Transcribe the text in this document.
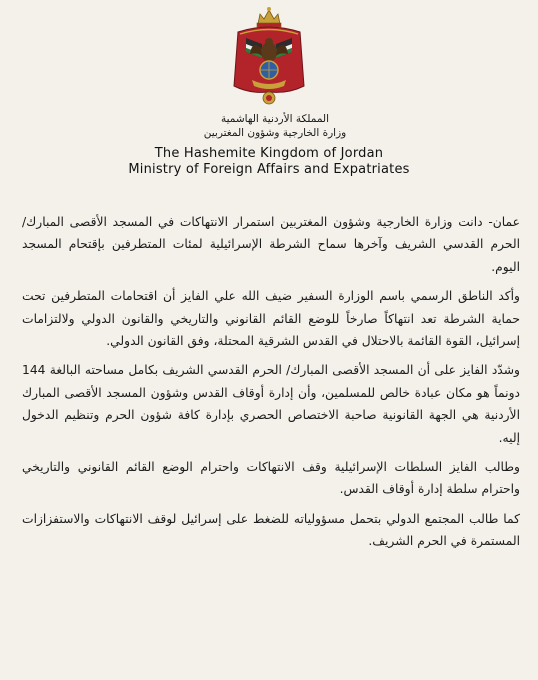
المملكة الأردنية الهاشمية
وزارة الخارجية وشؤون المغتربين
The Hashemite Kingdom of Jordan
Ministry of Foreign Affairs and Expatriates

عمان- دانت وزارة الخارجية وشؤون المغتربين استمرار الانتهاكات في المسجد الأقصى المبارك/ الحرم القدسي الشريف وآخرها سماح الشرطة الإسرائيلية لمئات المتطرفين بإقتحام المسجد اليوم.

وأكد الناطق الرسمي باسم الوزارة السفير ضيف الله علي الفايز أن اقتحامات المتطرفين تحت حماية الشرطة تعد انتهاكاً صارخاً للوضع القائم القانوني والتاريخي والقانون الدولي ولالتزامات إسرائيل، القوة القائمة بالاحتلال في القدس الشرقية المحتلة، وفق القانون الدولي.

وشدّد الفايز على أن المسجد الأقصى المبارك/ الحرم القدسي الشريف بكامل مساحته البالغة 144 دونماً هو مكان عبادة خالص للمسلمين، وأن إدارة أوقاف القدس وشؤون المسجد الأقصى المبارك الأردنية هي الجهة القانونية صاحبة الاختصاص الحصري بإدارة كافة شؤون الحرم وتنظيم الدخول إليه.

وطالب الفايز السلطات الإسرائيلية وقف الانتهاكات واحترام الوضع القائم القانوني والتاريخي واحترام سلطة إدارة أوقاف القدس.

كما طالب المجتمع الدولي بتحمل مسؤولياته للضغط على إسرائيل لوقف الانتهاكات والاستفزازات المستمرة في الحرم الشريف.
